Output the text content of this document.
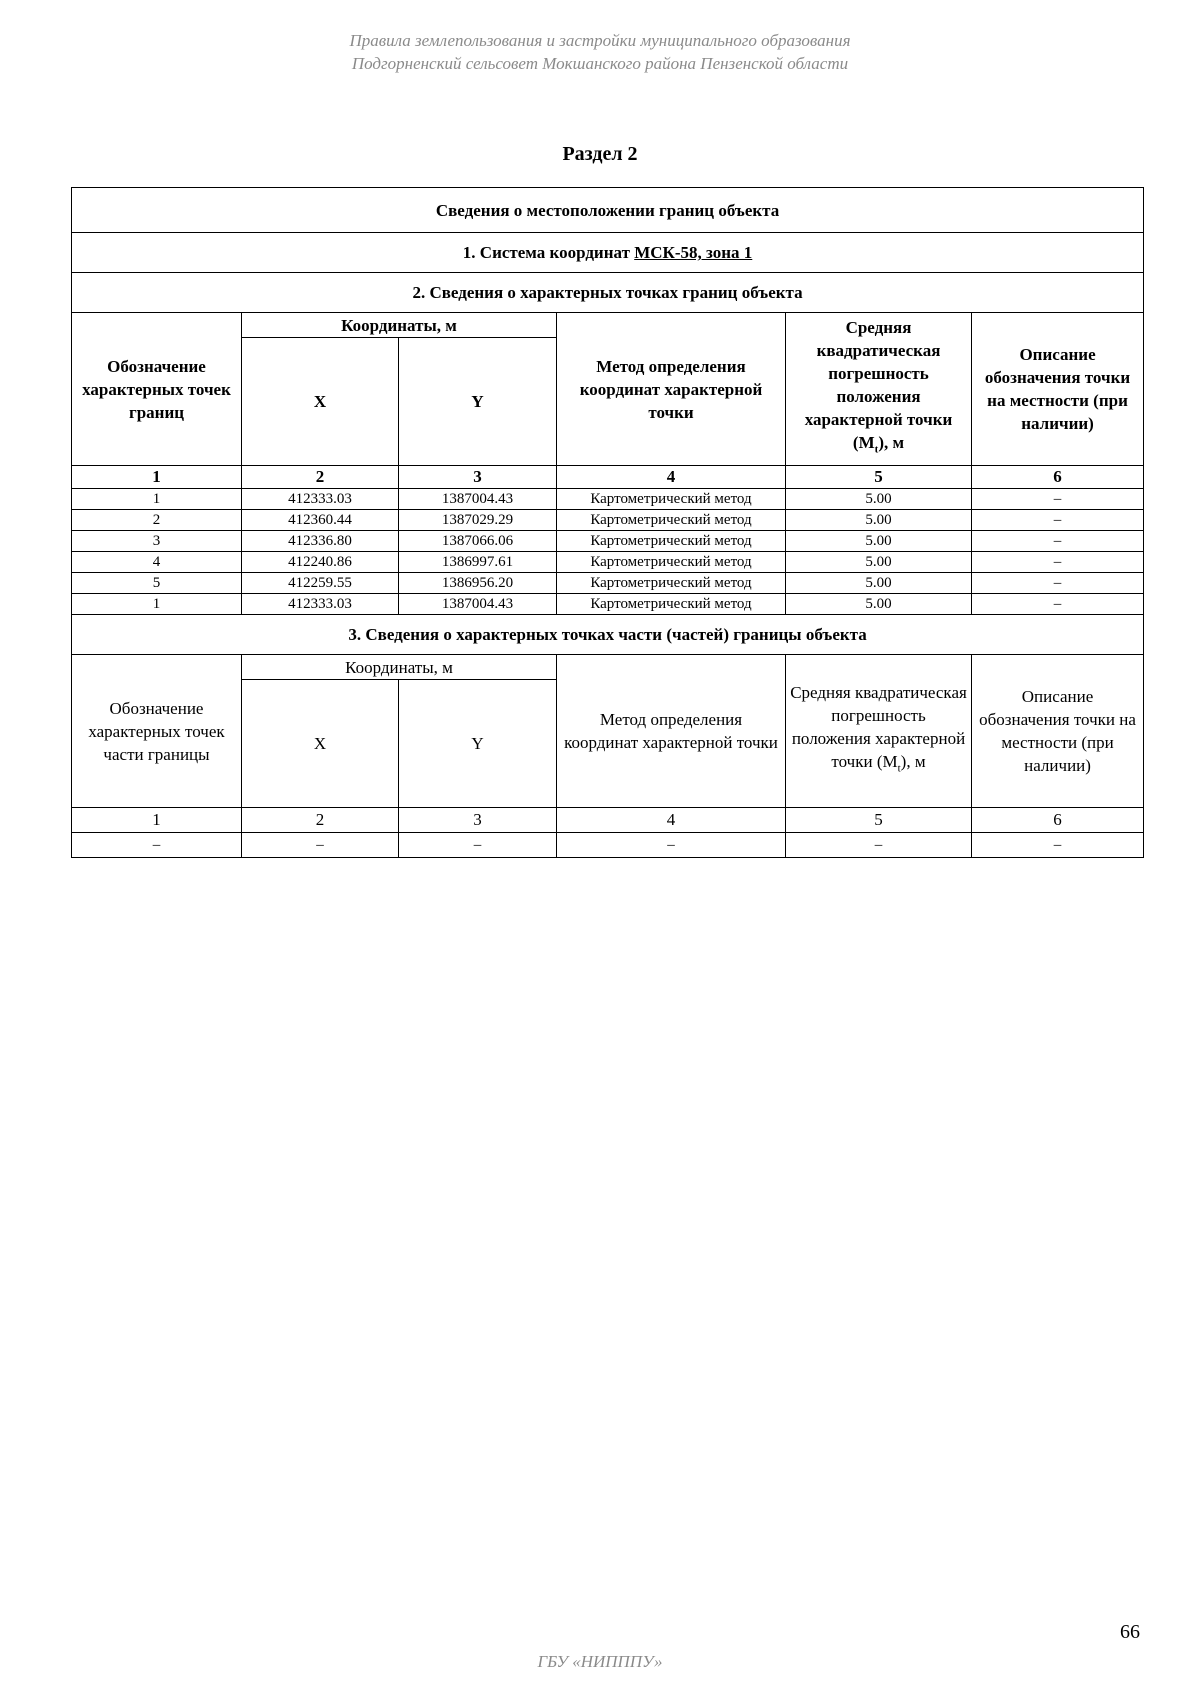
Правила землепользования и застройки муниципального образования
Подгорненский сельсовет Мокшанского района Пензенской области
Раздел 2
Сведения о местоположении границ объекта					
1. Система координат МСК-58, зона 1					
2. Сведения о характерных точках границ объекта					
Обозначение характерных точек границ	Координаты, м		Метод определения координат характерной точки	Средняя квадратическая погрешность положения характерной точки $(M_t)$, м	Описание обозначения точки на местности (при наличии)
	X	Y			
1	2	3	4	5	6
1	412333.03	1387004.43	Картометрический метод	5.00	–
2	412360.44	1387029.29	Картометрический метод	5.00	–
3	412336.80	1387066.06	Картометрический метод	5.00	–
4	412240.86	1386997.61	Картометрический метод	5.00	–
5	412259.55	1386956.20	Картометрический метод	5.00	–
1	412333.03	1387004.43	Картометрический метод	5.00	–
3. Сведения о характерных точках части (частей) границы объекта					
Обозначение характерных точек части границы	Координаты, м		Метод определения координат характерной точки	Средняя квадратическая погрешность положения характерной точки $(M_t)$, м	Описание обозначения точки на местности (при наличии)
	X	Y			
1	2	3	4	5	6
–	–	–	–	–	–
66
ГБУ «НИПППУ»
